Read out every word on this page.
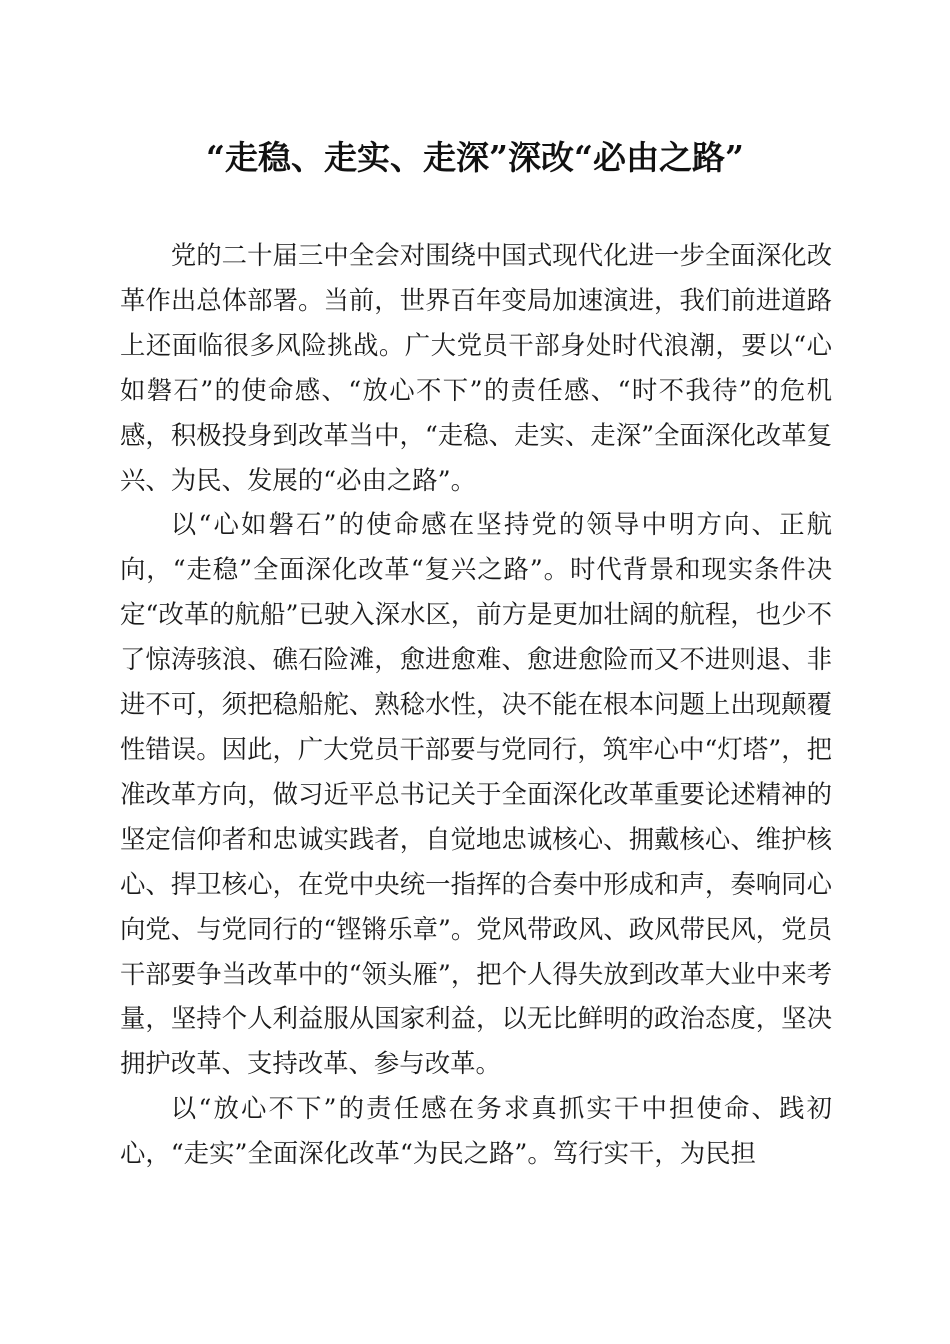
“走稳、走实、走深”深改“必由之路”

党的二十届三中全会对围绕中国式现代化进一步全面深化改革作出总体部署。当前，世界百年变局加速演进，我们前进道路上还面临很多风险挑战。广大党员干部身处时代浪潮，要以“心如磐石”的使命感、“放心不下”的责任感、“时不我待”的危机感，积极投身到改革当中，“走稳、走实、走深”全面深化改革复兴、为民、发展的“必由之路”。

以“心如磐石”的使命感在坚持党的领导中明方向、正航向，“走稳”全面深化改革“复兴之路”。时代背景和现实条件决定“改革的航船”已驶入深水区，前方是更加壮阔的航程，也少不了惊涛骇浪、礁石险滩，愈进愈难、愈进愈险而又不进则退、非进不可，须把稳船舵、熟稔水性，决不能在根本问题上出现颠覆性错误。因此，广大党员干部要与党同行，筑牢心中“灯塔”，把准改革方向，做习近平总书记关于全面深化改革重要论述精神的坚定信仰者和忠诚实践者，自觉地忠诚核心、拥戴核心、维护核心、捍卫核心，在党中央统一指挥的合奏中形成和声，奏响同心向党、与党同行的“铿锵乐章”。党风带政风、政风带民风，党员干部要争当改革中的“领头雁”，把个人得失放到改革大业中来考量，坚持个人利益服从国家利益，以无比鲜明的政治态度，坚决拥护改革、支持改革、参与改革。

以“放心不下”的责任感在务求真抓实干中担使命、践初心，“走实”全面深化改革“为民之路”。笃行实干，为民担
